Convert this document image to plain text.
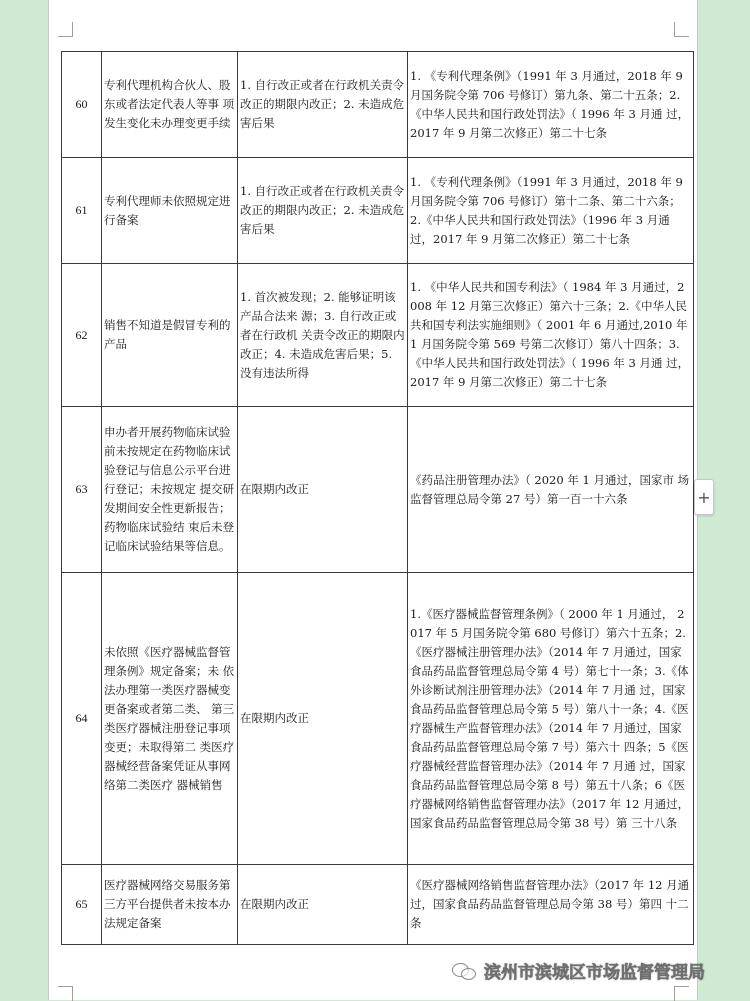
60	专利代理机构合伙人、股东或者法定代表人等事 项发生变化未办理变更手续	1. 自行改正或者在行政机关责令改正的期限内改正；2. 未造成危害后果	1. 《专利代理条例》（1991 年 3 月通过，2018 年 9 月国务院令第 706 号修订）第九条、第二十五条；2. 《中华人民共和国行政处罚法》（ 1996 年 3 月通 过，2017 年 9 月第二次修正）第二十七条
61	专利代理师未依照规定进行备案	1. 自行改正或者在行政机关责令改正的期限内改正；2. 未造成危害后果	1. 《专利代理条例》（1991 年 3 月通过，2018 年 9 月国务院令第 706 号修订）第十二条、第二十六条；2.《中华人民共和国行政处罚法》（1996 年 3 月通 过，2017 年 9 月第二次修正）第二十七条
62	销售不知道是假冒专利的产品	1. 首次被发现；2. 能够证明该产品合法来 源；3. 自行改正或者在行政机 关责令改正的期限内改正；4. 未造成危害后果；5. 没有违法所得	1. 《中华人民共和国专利法》（ 1984 年 3 月通过，2008 年 12 月第三次修正）第六十三条；2.《中华人民共和国专利法实施细则》（ 2001 年 6 月通过,2010 年 1 月国务院令第 569 号第二次修订）第八十四条；3. 《中华人民共和国行政处罚法》（ 1996 年 3 月通 过，2017 年 9 月第二次修正）第二十七条
63	申办者开展药物临床试验前未按规定在药物临床试验登记与信息公示平台进行登记；未按规定 提交研发期间安全性更新报告；药物临床试验结 束后未登记临床试验结果等信息。	在限期内改正	《药品注册管理办法》（ 2020 年 1 月通过，国家市 场监督管理总局令第 27 号）第一百一十六条
64	未依照《医疗器械监督管理条例》规定备案；未 依法办理第一类医疗器械变更备案或者第二类、 第三类医疗器械注册登记事项变更；未取得第二 类医疗器械经营备案凭证从事网络第二类医疗 器械销售	在限期内改正	1.《医疗器械监督管理条例》（ 2000 年 1 月通过， 2017 年 5 月国务院令第 680 号修订）第六十五条；2.《医疗器械注册管理办法》（2014 年 7 月通过，国家食品药品监督管理总局令第 4 号）第七十一条；3.《体外诊断试剂注册管理办法》（2014 年 7 月通 过，国家食品药品监督管理总局令第 5 号）第八十一条；4.《医疗器械生产监督管理办法》（2014 年 7 月通过，国家食品药品监督管理总局令第 7 号）第六十 四条；5《医疗器械经营监督管理办法》（2014 年 7 月通 过，国家食品药品监督管理总局令第 8 号）第五十八条；6《医疗器械网络销售监督管理办法》（2017 年 12 月通过，国家食品药品监督管理总局令第 38 号）第 三十八条
65	医疗器械网络交易服务第三方平台提供者未按本办法规定备案	在限期内改正	《医疗器械网络销售监督管理办法》（2017 年 12 月通过，国家食品药品监督管理总局令第 38 号）第四 十二条
+
滨州市滨城区市场监督管理局
